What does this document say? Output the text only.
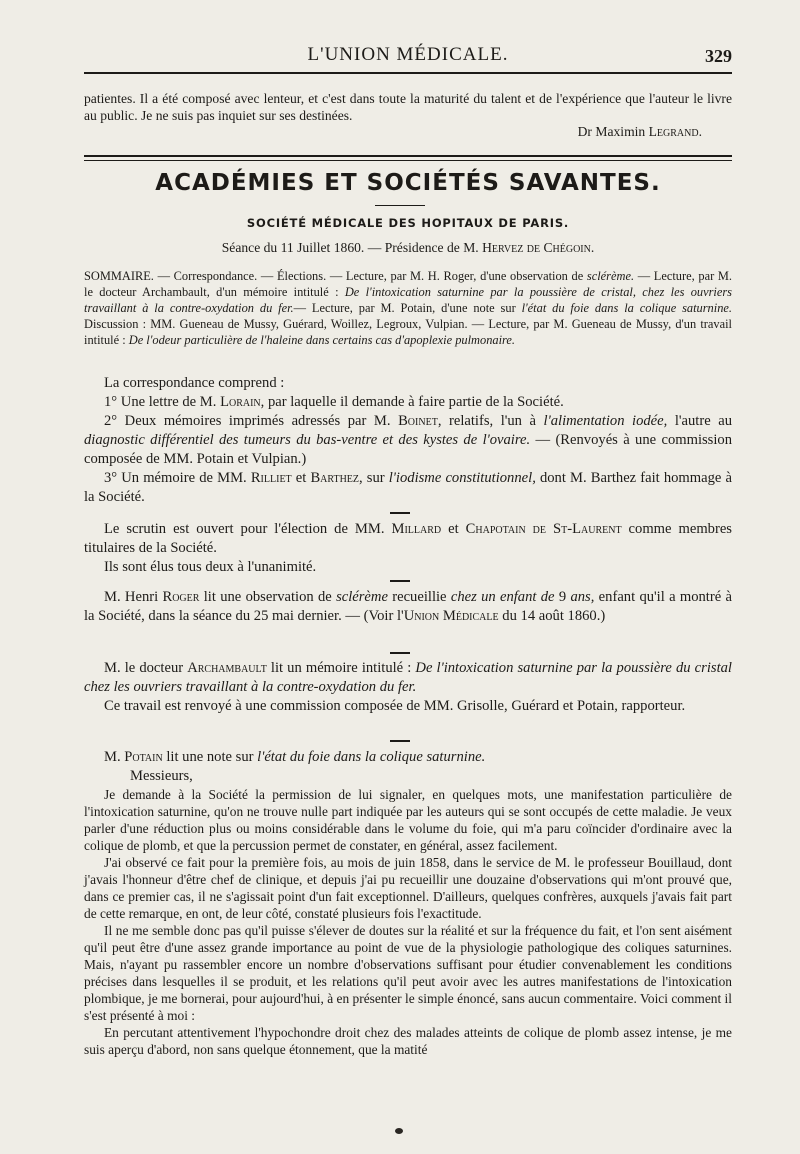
L'UNION MÉDICALE.	329

patientes. Il a été composé avec lenteur, et c'est dans toute la maturité du talent et de l'expérience que l'auteur le livre au public. Je ne suis pas inquiet sur ses destinées.

Dr Maximin Legrand.
ACADÉMIES ET SOCIÉTÉS SAVANTES.
SOCIÉTÉ MÉDICALE DES HOPITAUX DE PARIS.
Séance du 11 Juillet 1860. — Présidence de M. Hervez de Chégoin.

SOMMAIRE. — Correspondance. — Élections. — Lecture, par M. H. Roger, d'une observation de sclérème. — Lecture, par M. le docteur Archambault, d'un mémoire intitulé : De l'intoxication saturnine par la poussière de cristal, chez les ouvriers travaillant à la contre-oxydation du fer.— Lecture, par M. Potain, d'une note sur l'état du foie dans la colique saturnine. Discussion : MM. Gueneau de Mussy, Guérard, Woillez, Legroux, Vulpian. — Lecture, par M. Gueneau de Mussy, d'un travail intitulé : De l'odeur particulière de l'haleine dans certains cas d'apoplexie pulmonaire.

La correspondance comprend :

1° Une lettre de M. Lorain, par laquelle il demande à faire partie de la Société.

2° Deux mémoires imprimés adressés par M. Boinet, relatifs, l'un à l'alimentation iodée, l'autre au diagnostic différentiel des tumeurs du bas-ventre et des kystes de l'ovaire. — (Renvoyés à une commission composée de MM. Potain et Vulpian.)

3° Un mémoire de MM. Rilliet et Barthez, sur l'iodisme constitutionnel, dont M. Barthez fait hommage à la Société.

Le scrutin est ouvert pour l'élection de MM. Millard et Chapotain de St-Laurent comme membres titulaires de la Société.

Ils sont élus tous deux à l'unanimité.

M. Henri Roger lit une observation de sclérème recueillie chez un enfant de 9 ans, enfant qu'il a montré à la Société, dans la séance du 25 mai dernier. — (Voir l'Union Médicale du 14 août 1860.)

M. le docteur Archambault lit un mémoire intitulé : De l'intoxication saturnine par la poussière du cristal chez les ouvriers travaillant à la contre-oxydation du fer.

Ce travail est renvoyé à une commission composée de MM. Grisolle, Guérard et Potain, rapporteur.

M. Potain lit une note sur l'état du foie dans la colique saturnine.

Messieurs,

Je demande à la Société la permission de lui signaler, en quelques mots, une manifestation particulière de l'intoxication saturnine, qu'on ne trouve nulle part indiquée par les auteurs qui se sont occupés de cette maladie. Je veux parler d'une réduction plus ou moins considérable dans le volume du foie, qui m'a paru coïncider d'ordinaire avec la colique de plomb, et que la percussion permet de constater, en général, assez facilement.

J'ai observé ce fait pour la première fois, au mois de juin 1858, dans le service de M. le professeur Bouillaud, dont j'avais l'honneur d'être chef de clinique, et depuis j'ai pu recueillir une douzaine d'observations qui m'ont prouvé que, dans ce premier cas, il ne s'agissait point d'un fait exceptionnel. D'ailleurs, quelques confrères, auxquels j'avais fait part de cette remarque, en ont, de leur côté, constaté plusieurs fois l'exactitude.

Il ne me semble donc pas qu'il puisse s'élever de doutes sur la réalité et sur la fréquence du fait, et l'on sent aisément qu'il peut être d'une assez grande importance au point de vue de la physiologie pathologique des coliques saturnines. Mais, n'ayant pu rassembler encore un nombre d'observations suffisant pour étudier convenablement les conditions précises dans lesquelles il se produit, et les relations qu'il peut avoir avec les autres manifestations de l'intoxication plombique, je me bornerai, pour aujourd'hui, à en présenter le simple énoncé, sans aucun commentaire. Voici comment il s'est présenté à moi :

En percutant attentivement l'hypochondre droit chez des malades atteints de colique de plomb assez intense, je me suis aperçu d'abord, non sans quelque étonnement, que la matité
